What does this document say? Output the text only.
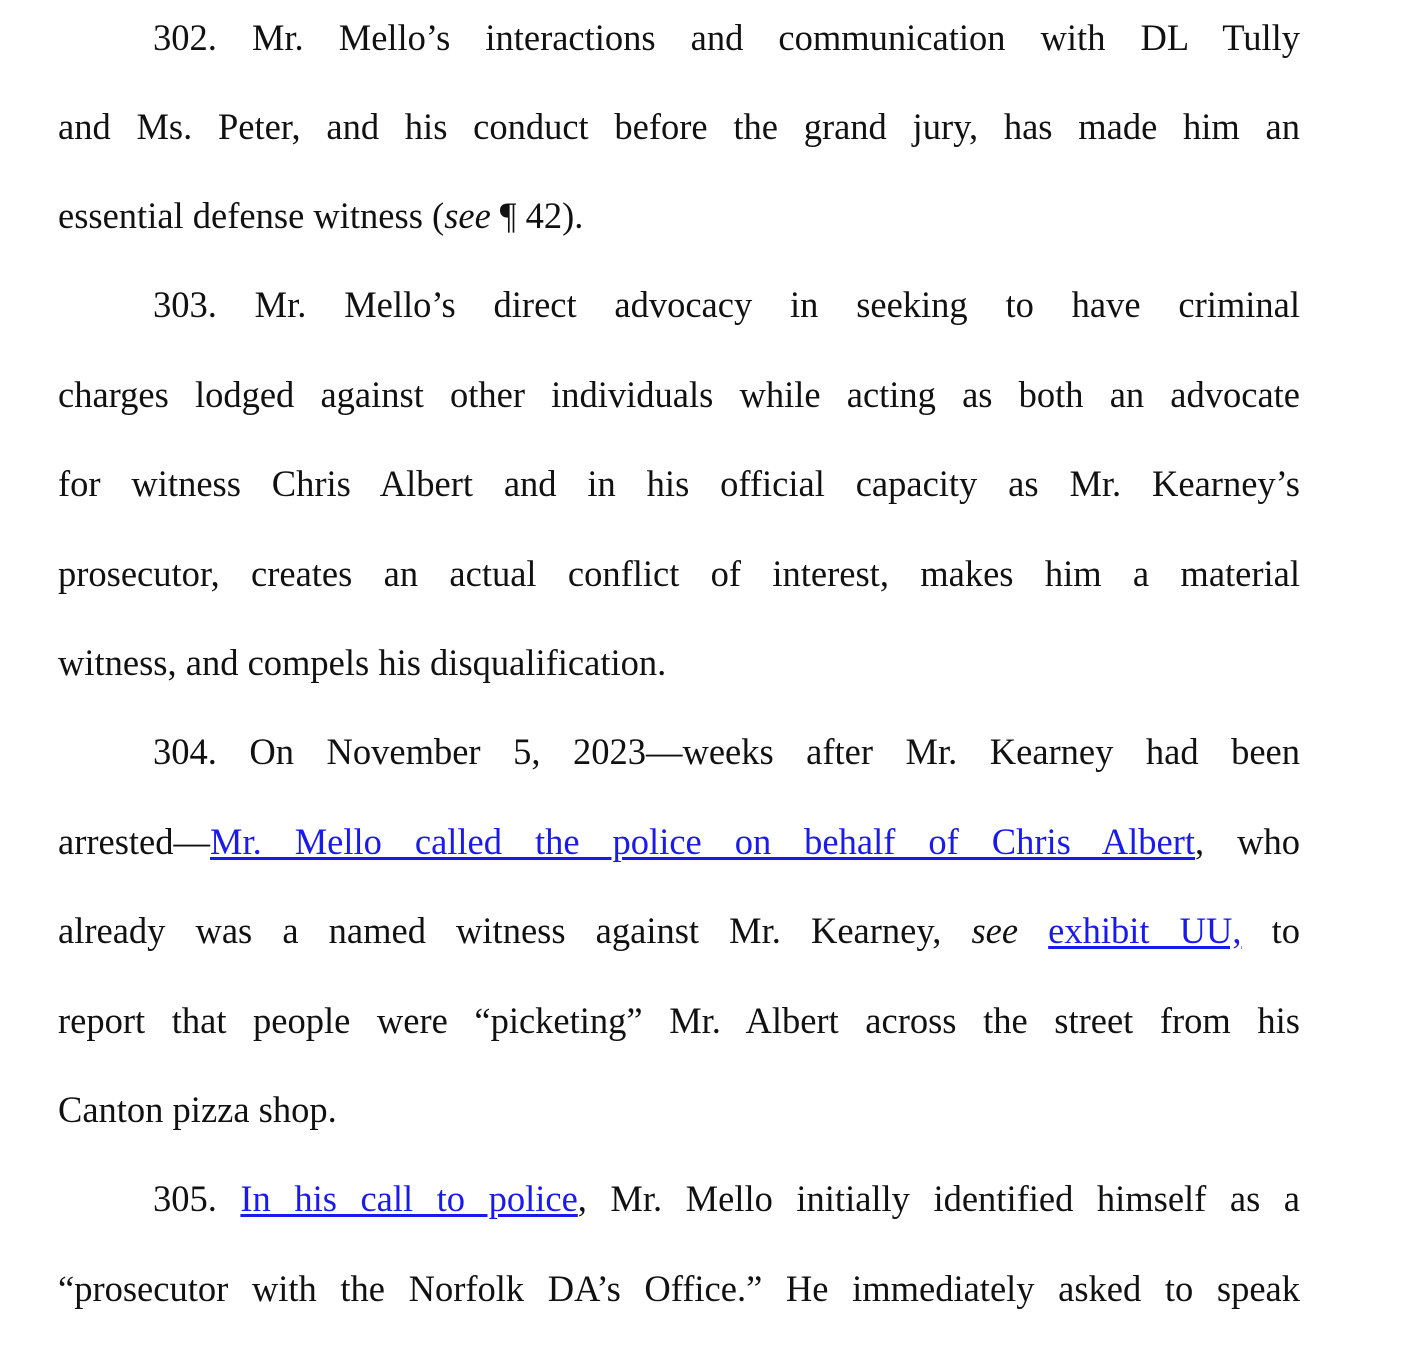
302. Mr. Mello’s interactions and communication with DL Tully
and Ms. Peter, and his conduct before the grand jury, has made him an
essential defense witness (see ¶ 42).
303. Mr. Mello’s direct advocacy in seeking to have criminal
charges lodged against other individuals while acting as both an advocate
for witness Chris Albert and in his official capacity as Mr. Kearney’s
prosecutor, creates an actual conflict of interest, makes him a material
witness, and compels his disqualification.
304. On November 5, 2023—weeks after Mr. Kearney had been
arrested—Mr. Mello called the police on behalf of Chris Albert, who
already was a named witness against Mr. Kearney, see exhibit UU, to
report that people were “picketing” Mr. Albert across the street from his
Canton pizza shop.
305. In his call to police, Mr. Mello initially identified himself as a
“prosecutor with the Norfolk DA’s Office.” He immediately asked to speak
